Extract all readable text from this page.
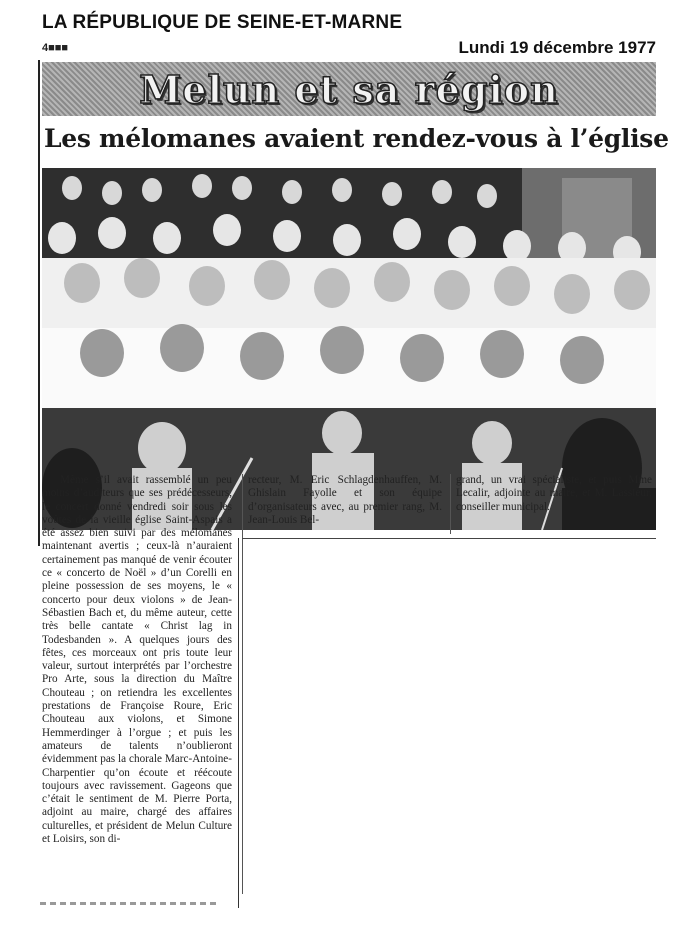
LA RÉPUBLIQUE DE SEINE-ET-MARNE
4■■■	Lundi 19 décembre 1977
Melun et sa région
Les mélomanes avaient rendez-vous à l’église

Même s’il avait rassemblé un peu moins d’auditeurs que ses prédécesseurs, le concert donné vendredi soir sous les voûtes de la vieille église Saint-Aspais a été assez bien suivi par des mélomanes maintenant avertis ; ceux-là n’auraient certainement pas manqué de venir écouter ce « concerto de Noël » d’un Corelli en pleine possession de ses moyens, le « concerto pour deux violons » de Jean-Sébastien Bach et, du même auteur, cette très belle cantate « Christ lag in Todesbanden ». A quelques jours des fêtes, ces morceaux ont pris toute leur valeur, surtout interprétés par l’orchestre Pro Arte, sous la direction du Maître Chouteau ; on retiendra les excellentes prestations de Françoise Roure, Eric Chouteau aux violons, et Simone Hemmerdinger à l’orgue ; et puis les amateurs de talents n’oublieront évidemment pas la chorale Marc-Antoine-Charpentier qu’on écoute et réécoute toujours avec ravissement. Gageons que c’était le sentiment de M. Pierre Porta, adjoint au maire, chargé des affaires culturelles, et président de Melun Culture et Loisirs, son di-

recteur, M. Eric Schlagdenhauffen, M. Ghislain Fayolle et son équipe d’organisateurs avec, au premier rang, M. Jean-Louis Bel-

grand, un vrai spécialiste, et puis Mme Lecalir, adjointe au maire, et M. Lassieur, conseiller municipal.
